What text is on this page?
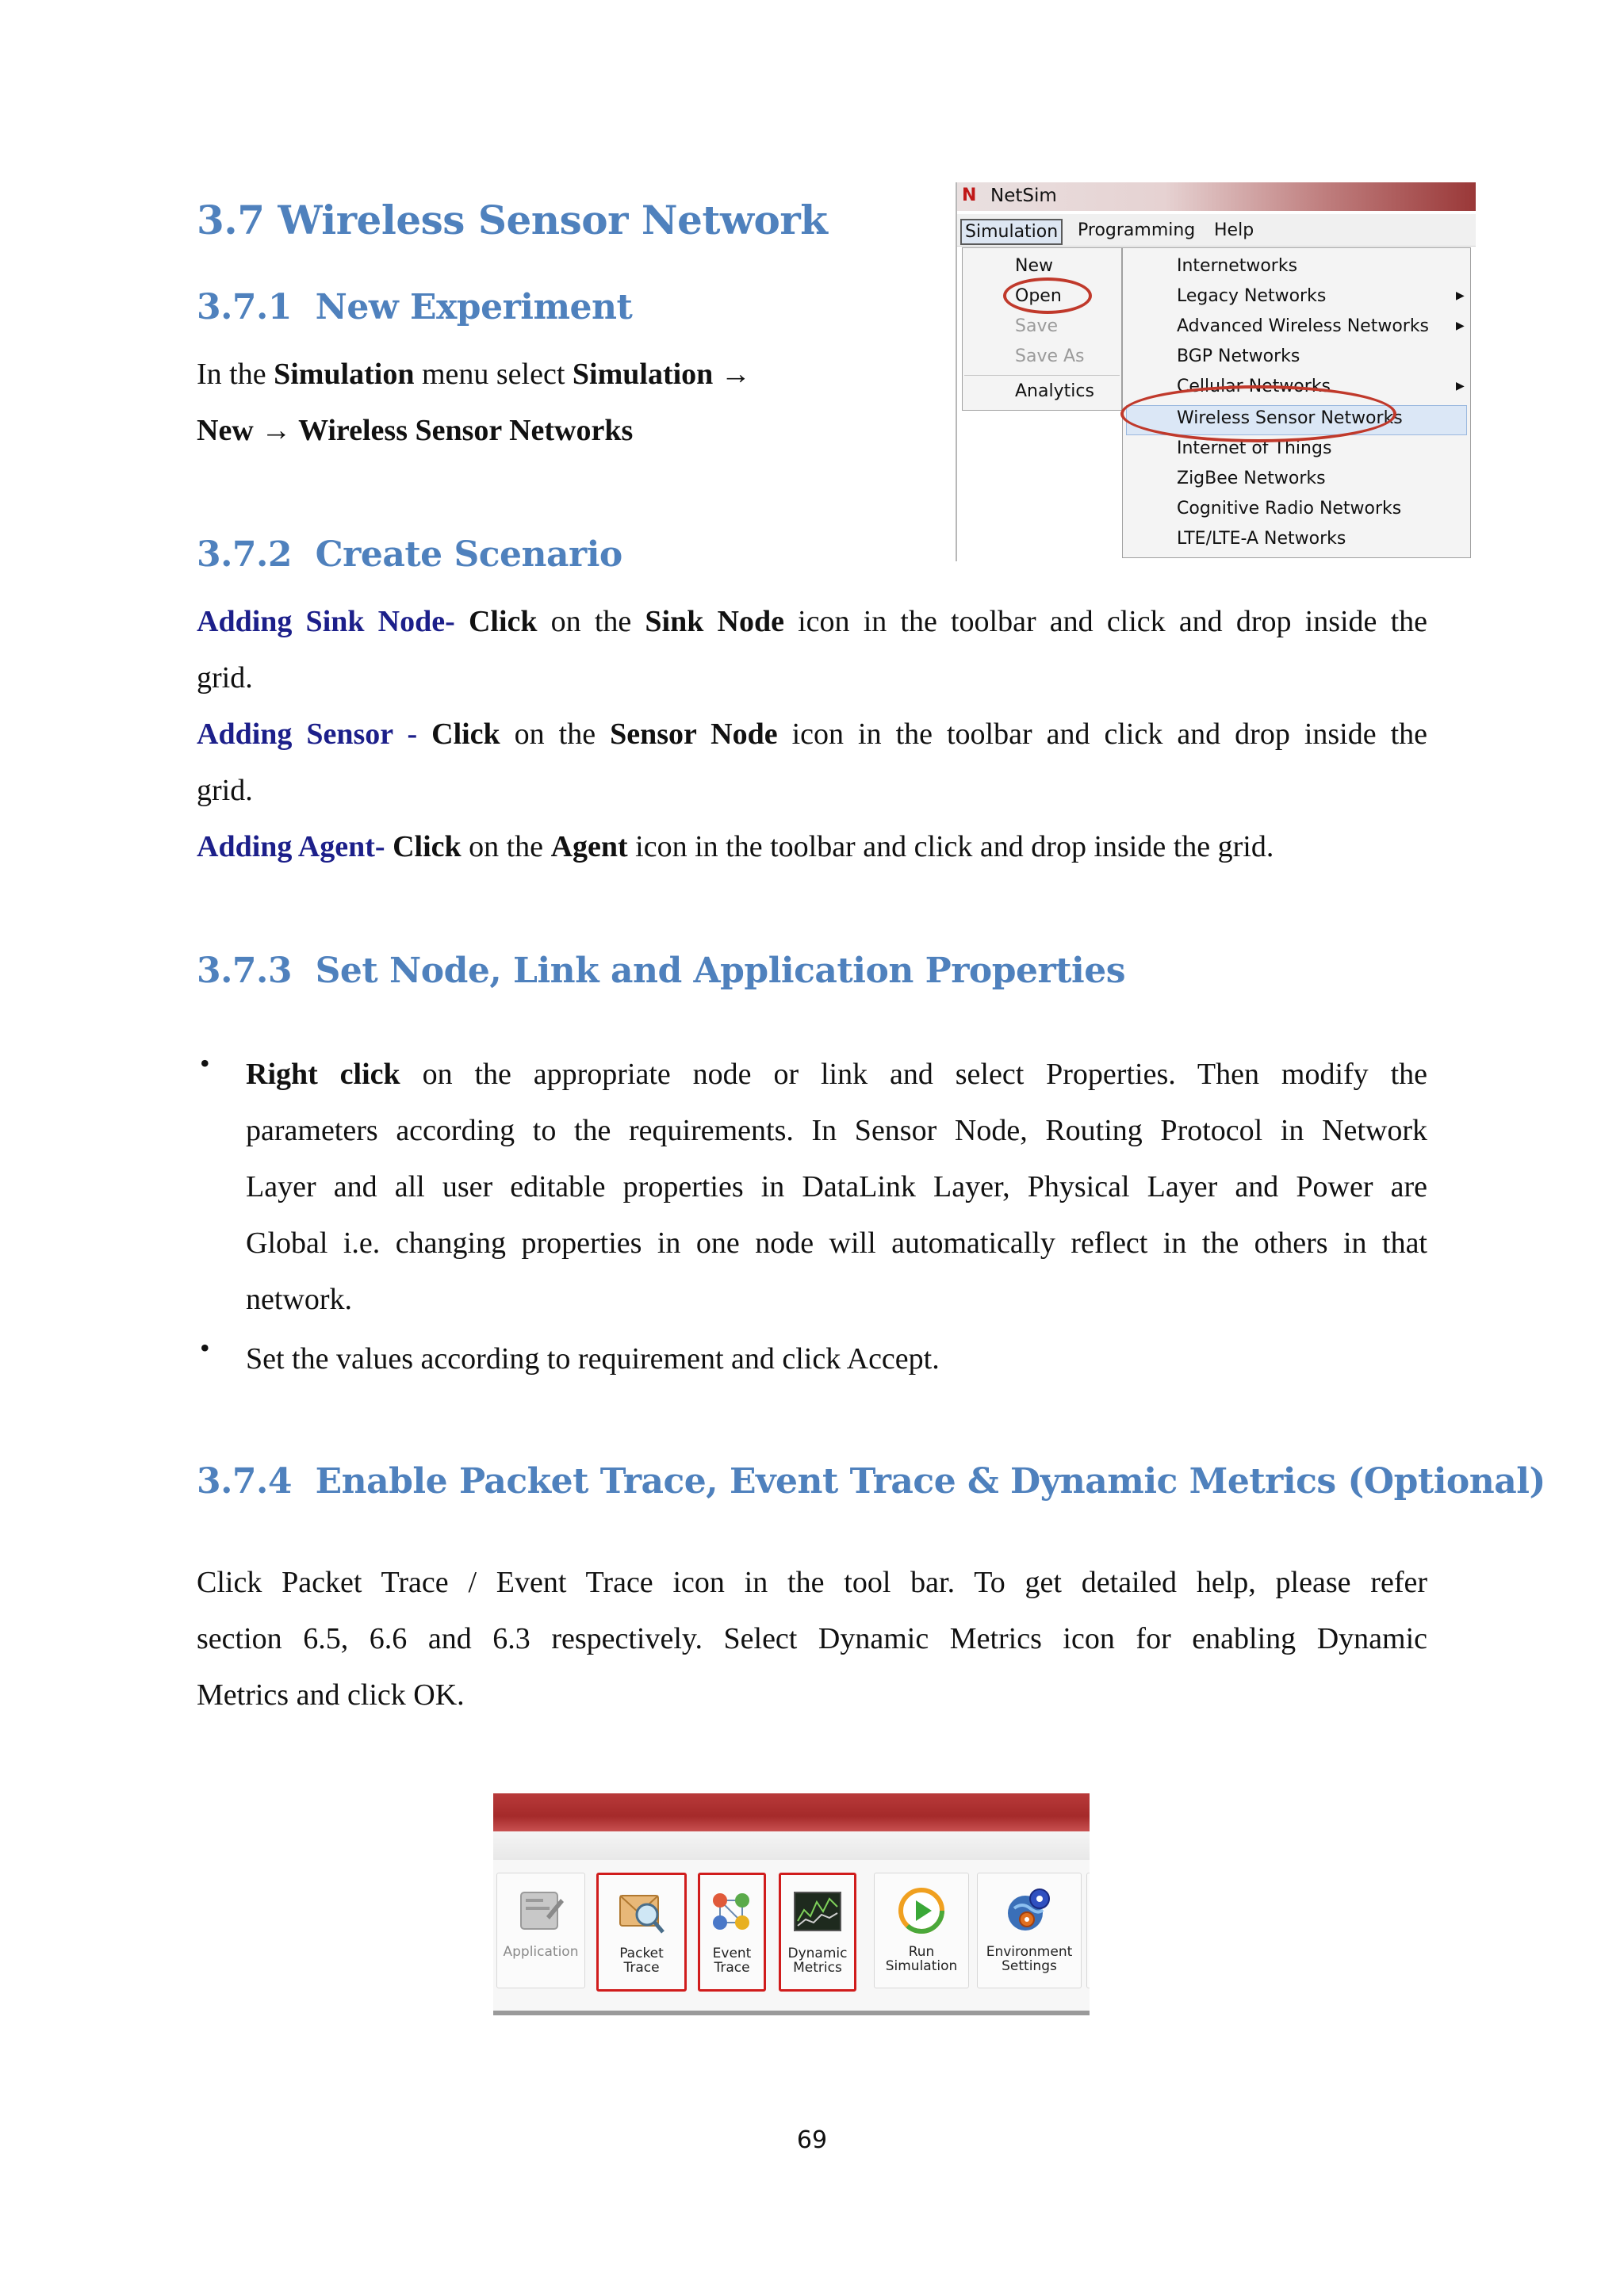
3.7 Wireless Sensor Network
3.7.1 New Experiment

In the Simulation menu select Simulation →

New → Wireless Sensor Networks

N NetSim
Simulation Programming Help
New
Open
Save
Save As
Analytics
Internetworks
Legacy Networks	▶
Advanced Wireless Networks ▶
BGP Networks
Cellular Networks	▶
Wireless Sensor Networks
Internet of Things
ZigBee Networks
Cognitive Radio Networks
LTE/LTE-A Networks
3.7.2 Create Scenario

Adding Sink Node- Click on the Sink Node icon in the toolbar and click and drop inside the

grid.

Adding Sensor - Click on the Sensor Node icon in the toolbar and click and drop inside the

grid.

Adding Agent- Click on the Agent icon in the toolbar and click and drop inside the grid.

3.7.3 Set Node, Link and Application Properties
• Right click on the appropriate node or link and select Properties. Then modify the

parameters according to the requirements. In Sensor Node, Routing Protocol in Network

Layer and all user editable properties in DataLink Layer, Physical Layer and Power are

Global i.e. changing properties in one node will automatically reflect in the others in that

network.

• Set the values according to requirement and click Accept.

3.7.4 Enable Packet Trace, Event Trace & Dynamic Metrics (Optional)

Click Packet Trace / Event Trace icon in the tool bar. To get detailed help, please refer

section 6.5, 6.6 and 6.3 respectively. Select Dynamic Metrics icon for enabling Dynamic

Metrics and click OK.

Application	Packet
Trace
Event
Trace
Dynamic
Metrics
Run
Simulation
Environment
Settings
69
